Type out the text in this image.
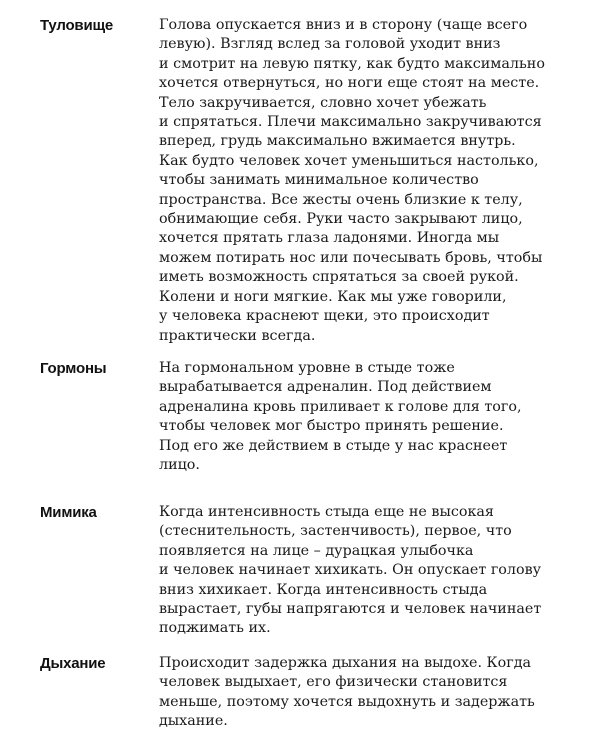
Туловище	Голова опускается вниз и в сторону (чаще всего
левую). Взгляд вслед за головой уходит вниз
и смотрит на левую пятку, как будто максимально
хочется отвернуться, но ноги еще стоят на месте.
Тело закручивается, словно хочет убежать
и спрятаться. Плечи максимально закручиваются
вперед, грудь максимально вжимается внутрь.
Как будто человек хочет уменьшиться настолько,
чтобы занимать минимальное количество
пространства. Все жесты очень близкие к телу,
обнимающие себя. Руки часто закрывают лицо,
хочется прятать глаза ладонями. Иногда мы
можем потирать нос или почесывать бровь, чтобы
иметь возможность спрятаться за своей рукой.
Колени и ноги мягкие. Как мы уже говорили,
у человека краснеют щеки, это происходит
практически всегда.
Гормоны	На гормональном уровне в стыде тоже
вырабатывается адреналин. Под действием
адреналина кровь приливает к голове для того,
чтобы человек мог быстро принять решение.
Под его же действием в стыде у нас краснеет
лицо.
Мимика	Когда интенсивность стыда еще не высокая
(стеснительность, застенчивость), первое, что
появляется на лице – дурацкая улыбочка
и человек начинает хихикать. Он опускает голову
вниз хихикает. Когда интенсивность стыда
вырастает, губы напрягаются и человек начинает
поджимать их.
Дыхание	Происходит задержка дыхания на выдохе. Когда
человек выдыхает, его физически становится
меньше, поэтому хочется выдохнуть и задержать
дыхание.
